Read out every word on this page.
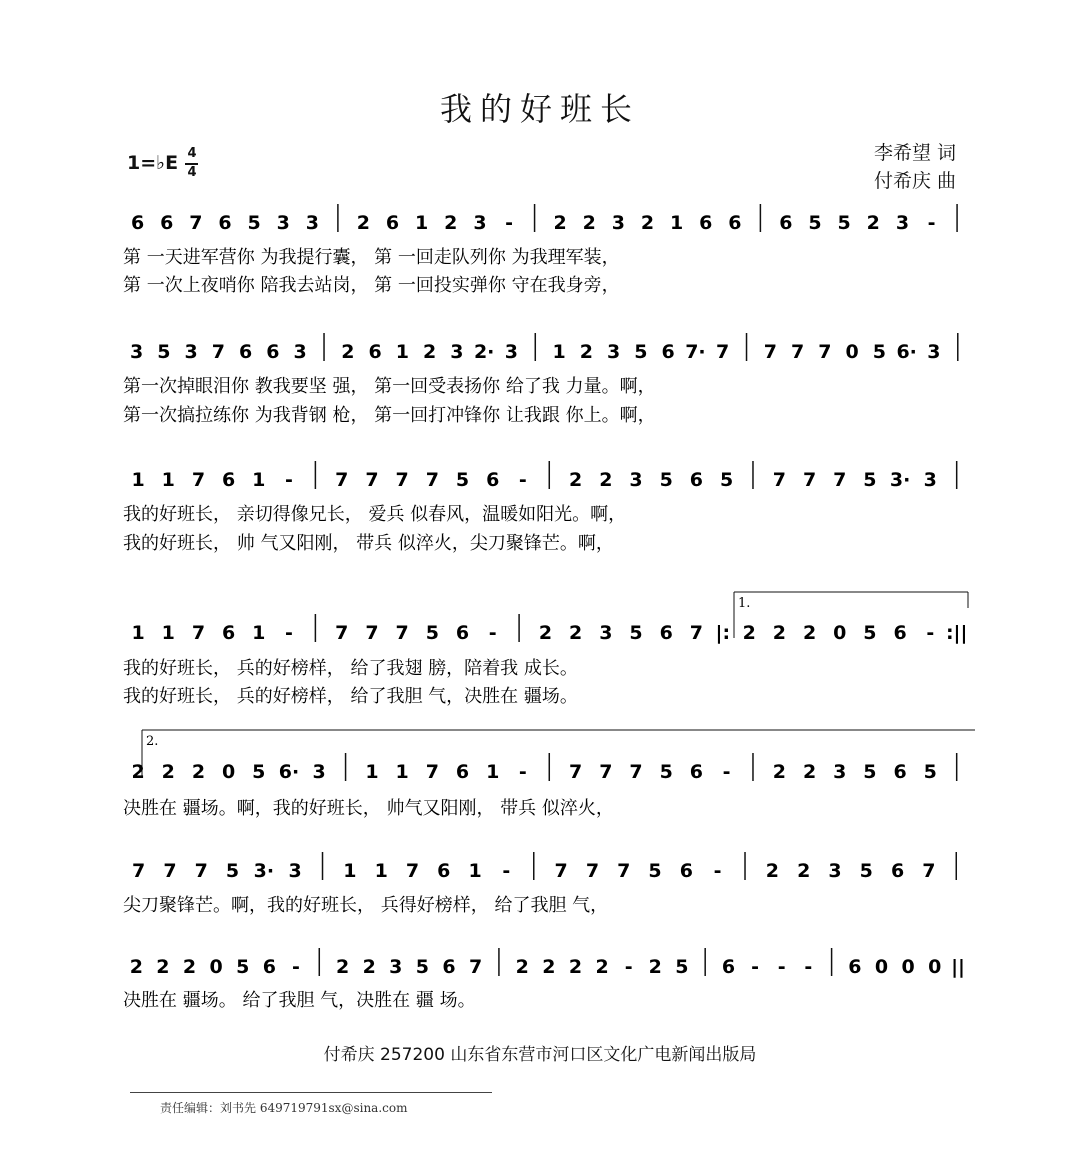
我的好班长
李希望 词
付希庆 曲
1=♭E 4
4
1.
2.
6 6 7 6 5 3 3 2 6 1 2 3 - 2 2 3 2 1 6 6 6 5 5 2 3 -
第 一天进军营你 为我提行囊， 第 一回走队列你 为我理军装，
第 一次上夜哨你 陪我去站岗， 第 一回投实弹你 守在我身旁，
3 5 3 7 6 6 3 2 6 1 2 3 2· 3 1 2 3 5 6 7· 7 7 7 7 0 5 6· 3
第一次掉眼泪你 教我要坚 强， 第一回受表扬你 给了我 力量。啊，
第一次搞拉练你 为我背钢 枪， 第一回打冲锋你 让我跟 你上。啊，
1 1 7 6 1 - 7 7 7 7 5 6 - 2 2 3 5 6 5 7 7 7 5 3· 3
我的好班长， 亲切得像兄长， 爱兵 似春风，温暖如阳光。啊，
我的好班长， 帅 气又阳刚， 带兵 似淬火，尖刀聚锋芒。啊，
1 1 7 6 1 - 7 7 7 5 6 - 2 2 3 5 6 7 |: 2 2 2 0 5 6 - :||
我的好班长， 兵的好榜样， 给了我翅 膀，陪着我 成长。
我的好班长， 兵的好榜样， 给了我胆 气，决胜在 疆场。
2 2 2 0 5 6· 3 1 1 7 6 1 - 7 7 7 5 6 - 2 2 3 5 6 5
决胜在 疆场。啊，我的好班长， 帅气又阳刚， 带兵 似淬火，
7 7 7 5 3· 3 1 1 7 6 1 - 7 7 7 5 6 - 2 2 3 5 6 7
尖刀聚锋芒。啊，我的好班长， 兵得好榜样， 给了我胆 气，
2 2 2 0 5 6 - 2 2 3 5 6 7 2 2 2 2 - 2 5 6 - - - 6 0 0 0 ||
决胜在 疆场。 给了我胆 气，决胜在 疆 场。
付希庆 257200 山东省东营市河口区文化广电新闻出版局
责任编辑：刘书先 649719791sx@sina.com
